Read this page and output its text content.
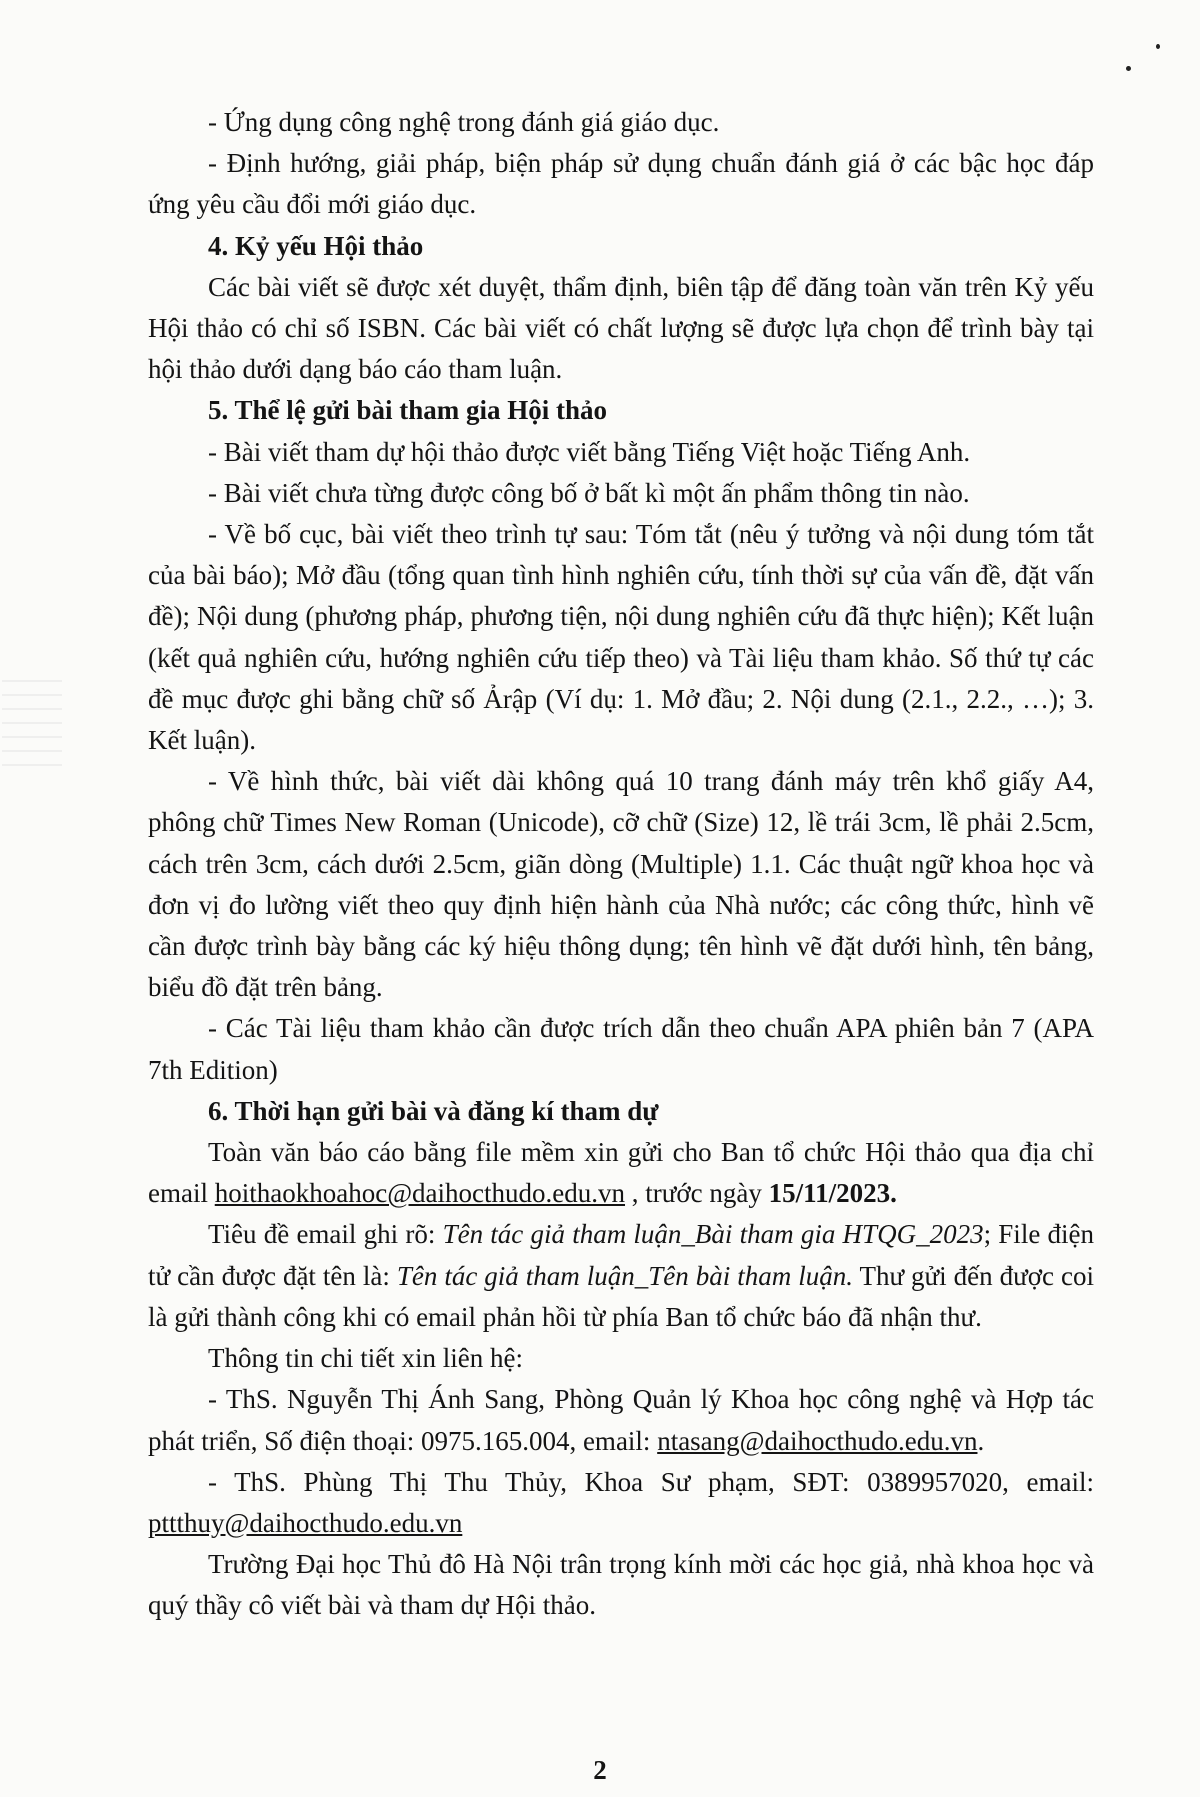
- Ứng dụng công nghệ trong đánh giá giáo dục.

- Định hướng, giải pháp, biện pháp sử dụng chuẩn đánh giá ở các bậc học đáp ứng yêu cầu đổi mới giáo dục.

4. Kỷ yếu Hội thảo

Các bài viết sẽ được xét duyệt, thẩm định, biên tập để đăng toàn văn trên Kỷ yếu Hội thảo có chỉ số ISBN. Các bài viết có chất lượng sẽ được lựa chọn để trình bày tại hội thảo dưới dạng báo cáo tham luận.

5. Thể lệ gửi bài tham gia Hội thảo

- Bài viết tham dự hội thảo được viết bằng Tiếng Việt hoặc Tiếng Anh.

- Bài viết chưa từng được công bố ở bất kì một ấn phẩm thông tin nào.

- Về bố cục, bài viết theo trình tự sau: Tóm tắt (nêu ý tưởng và nội dung tóm tắt của bài báo); Mở đầu (tổng quan tình hình nghiên cứu, tính thời sự của vấn đề, đặt vấn đề); Nội dung (phương pháp, phương tiện, nội dung nghiên cứu đã thực hiện); Kết luận (kết quả nghiên cứu, hướng nghiên cứu tiếp theo) và Tài liệu tham khảo. Số thứ tự các đề mục được ghi bằng chữ số Ảrập (Ví dụ: 1. Mở đầu; 2. Nội dung (2.1., 2.2., …); 3. Kết luận).

- Về hình thức, bài viết dài không quá 10 trang đánh máy trên khổ giấy A4, phông chữ Times New Roman (Unicode), cỡ chữ (Size) 12, lề trái 3cm, lề phải 2.5cm, cách trên 3cm, cách dưới 2.5cm, giãn dòng (Multiple) 1.1. Các thuật ngữ khoa học và đơn vị đo lường viết theo quy định hiện hành của Nhà nước; các công thức, hình vẽ cần được trình bày bằng các ký hiệu thông dụng; tên hình vẽ đặt dưới hình, tên bảng, biểu đồ đặt trên bảng.

- Các Tài liệu tham khảo cần được trích dẫn theo chuẩn APA phiên bản 7 (APA 7th Edition)

6. Thời hạn gửi bài và đăng kí tham dự

Toàn văn báo cáo bằng file mềm xin gửi cho Ban tổ chức Hội thảo qua địa chỉ email hoithaokhoahoc@daihocthudo.edu.vn , trước ngày 15/11/2023.

Tiêu đề email ghi rõ: Tên tác giả tham luận_Bài tham gia HTQG_2023; File điện tử cần được đặt tên là: Tên tác giả tham luận_Tên bài tham luận. Thư gửi đến được coi là gửi thành công khi có email phản hồi từ phía Ban tổ chức báo đã nhận thư.

Thông tin chi tiết xin liên hệ:

- ThS. Nguyễn Thị Ánh Sang, Phòng Quản lý Khoa học công nghệ và Hợp tác phát triển, Số điện thoại: 0975.165.004, email: ntasang@daihocthudo.edu.vn.

- ThS. Phùng Thị Thu Thủy, Khoa Sư phạm, SĐT: 0389957020, email: pttthuy@daihocthudo.edu.vn

Trường Đại học Thủ đô Hà Nội trân trọng kính mời các học giả, nhà khoa học và quý thầy cô viết bài và tham dự Hội thảo.

2
